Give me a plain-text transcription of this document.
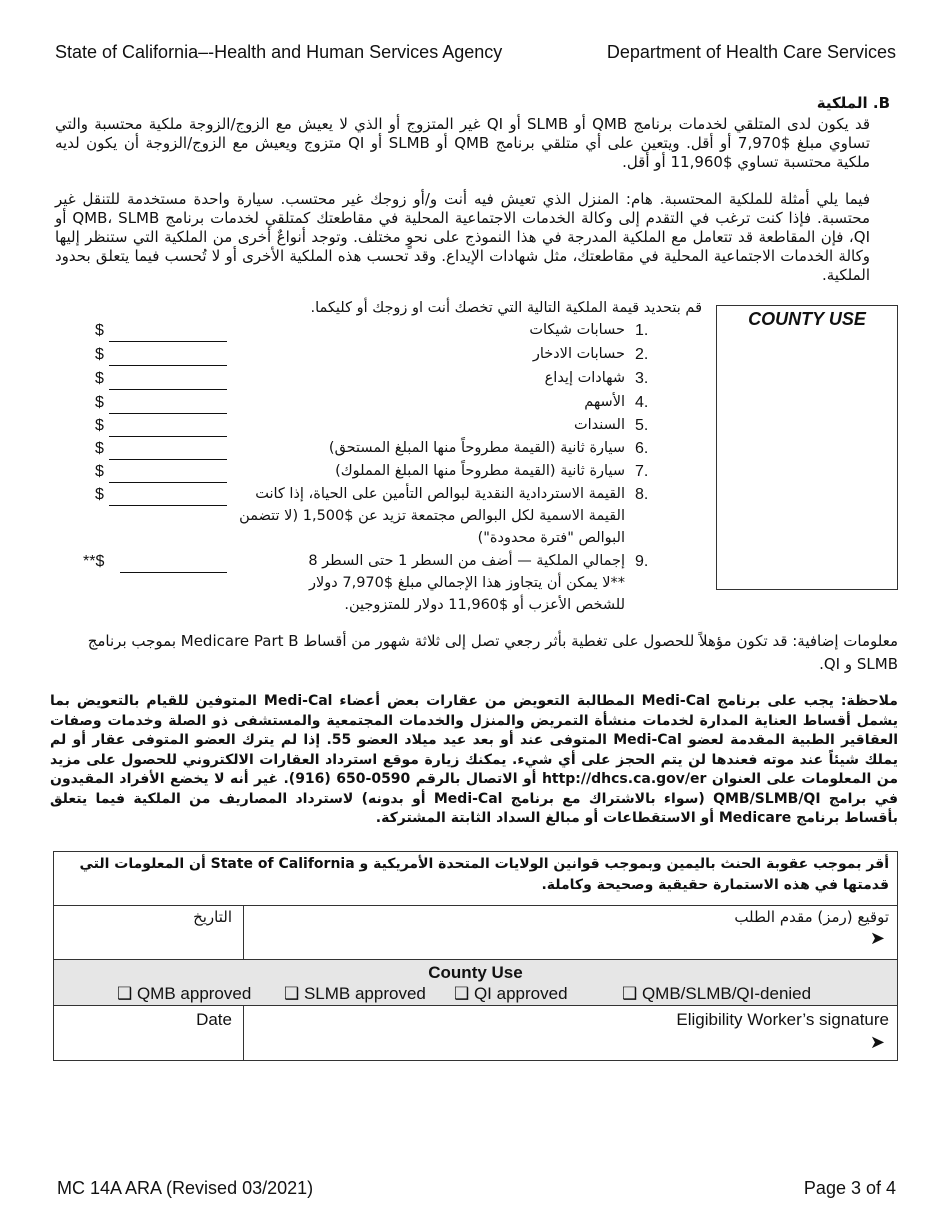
State of California–-Health and Human Services Agency	Department of Health Care Services
B. الملكية

قد يكون لدى المتلقي لخدمات برنامج QMB أو SLMB أو QI غير المتزوج أو الذي لا يعيش مع الزوج/الزوجة ملكية محتسبة والتي تساوي مبلغ $7,970 أو أقل. ويتعين على أي متلقي برنامج QMB أو SLMB أو QI متزوج ويعيش مع الزوج/الزوجة أن يكون لديه ملكية محتسبة تساوي $11,960 أو أقل.

فيما يلي أمثلة للملكية المحتسبة. هام: المنزل الذي تعيش فيه أنت و/أو زوجك غير محتسب. سيارة واحدة مستخدمة للتنقل غير محتسبة. فإذا كنت ترغب في التقدم إلى وكالة الخدمات الاجتماعية المحلية في مقاطعتك كمتلقي لخدمات برنامج QMB، SLMB أو QI، فإن المقاطعة قد تتعامل مع الملكية المدرجة في هذا النموذج على نحوٍ مختلف. وتوجد أنواعٌ أخرى من الملكية التي ستنظر إليها وكالة الخدمات الاجتماعية المحلية في مقاطعتك، مثل شهادات الإيداع. وقد تحسب هذه الملكية الأخرى أو لا تُحسب فيما يتعلق بحدود الملكية.

COUNTY USE
قم بتحديد قيمة الملكية التالية التي تخصك أنت او زوجك أو كليكما.
1.
حسابات شيكات
$
2.
حسابات الادخار
$
3.
شهادات إيداع
$
4.
الأسهم
$
5.
السندات
$
6.
سيارة ثانية (القيمة مطروحاً منها المبلغ المستحق)
$
7.
سيارة ثانية (القيمة مطروحاً منها المبلغ المملوك)
$
8.
القيمة الاستردادية النقدية لبوالص التأمين على الحياة، إذا كانت
$
القيمة الاسمية لكل البوالص مجتمعة تزيد عن $1,500 (لا تتضمن
البوالص "فترة محدودة")
9.
إجمالي الملكية — أضف من السطر 1 حتى السطر 8
**$
**لا يمكن أن يتجاوز هذا الإجمالي مبلغ $7,970 دولار
للشخص الأعزب أو $11,960 دولار للمتزوجين.
معلومات إضافية: قد تكون مؤهلاً للحصول على تغطية بأثر رجعي تصل إلى ثلاثة شهور من أقساط Medicare Part B بموجب برنامج SLMB و QI.
ملاحظة: يجب على برنامج Medi-Cal المطالبة التعويض من عقارات بعض أعضاء Medi-Cal المتوفين للقيام بالتعويض بما يشمل أقساط العناية المدارة لخدمات منشأة التمريض والمنزل والخدمات المجتمعية والمستشفى ذو الصلة وخدمات وصفات العقاقير الطبية المقدمة لعضو Medi-Cal المتوفى عند أو بعد عيد ميلاد العضو 55. إذا لم يترك العضو المتوفى عقار أو لم يملك شيئاً عند موته فعندها لن يتم الحجز على أي شيء. يمكنك زيارة موقع استرداد العقارات الالكتروني للحصول على مزيد من المعلومات على العنوان http://dhcs.ca.gov/er أو الاتصال بالرقم 0590-650 (916). غير أنه لا يخضع الأفراد المقيدون في برامج QMB/SLMB/QI (سواء بالاشتراك مع برنامج Medi-Cal أو بدونه) لاسترداد المصاريف من الملكية فيما يتعلق بأقساط برنامج Medicare أو الاستقطاعات أو مبالغ السداد الثابتة المشتركة.
أقر بموجب عقوبة الحنث باليمين وبموجب قوانين الولايات المتحدة الأمريكية و State of California أن المعلومات التي قدمتها في هذه الاستمارة حقيقية وصحيحة وكاملة.
توقيع (رمز) مقدم الطلب
التاريخ
➤
County Use
❑ QMB approved ❑ SLMB approved ❑ QI approved	❑ QMB/SLMB/QI-denied
Date	Eligibility Worker’s signature
➤
MC 14A ARA (Revised 03/2021)	Page 3 of 4
